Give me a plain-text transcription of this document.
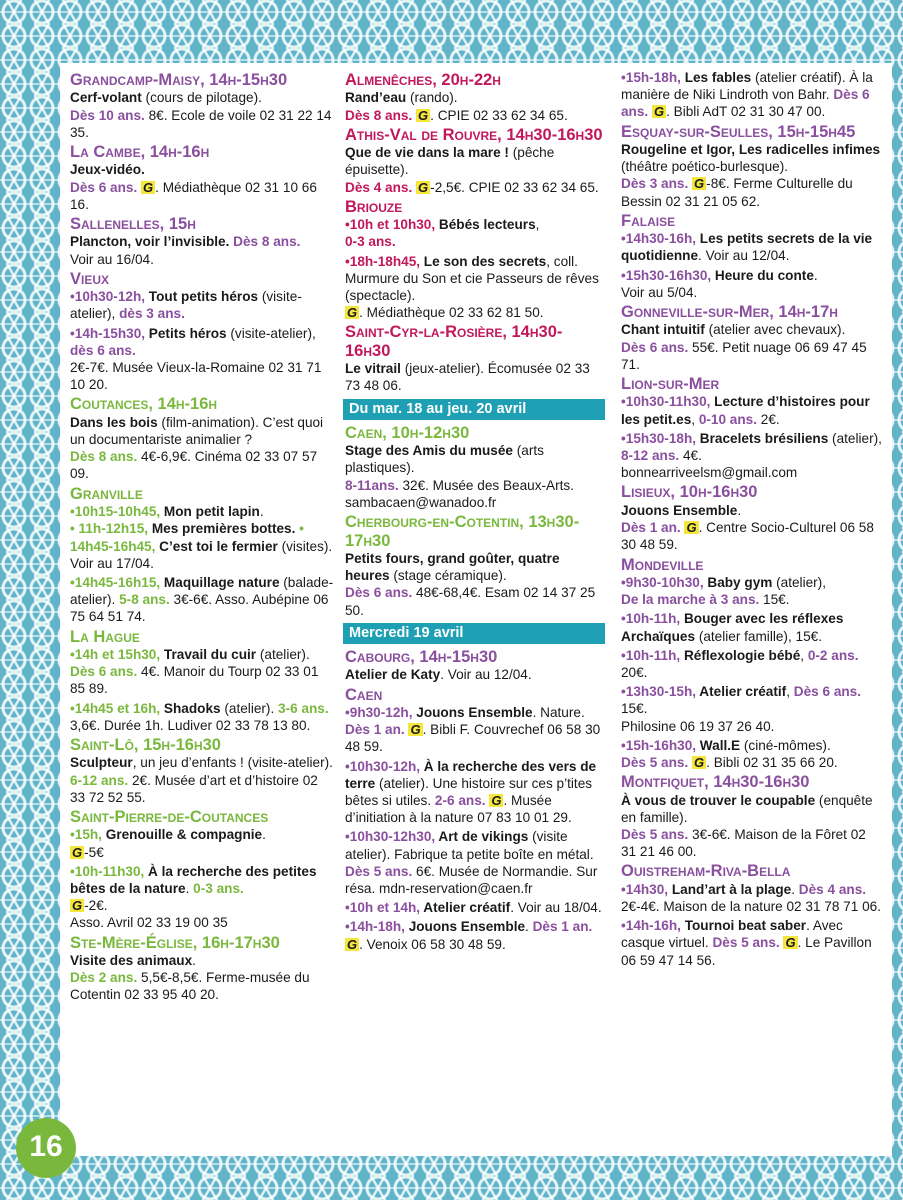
Grandcamp-Maisy, 14h-15h30
Cerf-volant (cours de pilotage).
Dès 10 ans. 8€. Ecole de voile 02 31 22 14 35.
La Cambe, 14h-16h
Jeux-vidéo.
Dès 6 ans. G . Médiathèque 02 31 10 66 16.
Sallenelles, 15h
Plancton, voir l’invisible. Dès 8 ans.
Voir au 16/04.
Vieux
•10h30-12h, Tout petits héros (visite-atelier), dès 3 ans.
•14h-15h30, Petits héros (visite-atelier), dès 6 ans.
2€-7€. Musée Vieux-la-Romaine 02 31 71 10 20.
Coutances, 14h-16h
Dans les bois (film-animation). C’est quoi un documentariste animalier ?
Dès 8 ans. 4€-6,9€. Cinéma 02 33 07 57 09.
Granville
•10h15-10h45, Mon petit lapin.
• 11h-12h15, Mes premières bottes. • 14h45-16h45, C’est toi le fermier (visites). Voir au 17/04.
•14h45-16h15, Maquillage nature (balade-atelier). 5-8 ans. 3€-6€. Asso. Aubépine 06 75 64 51 74.
La Hague
•14h et 15h30, Travail du cuir (atelier). Dès 6 ans. 4€. Manoir du Tourp 02 33 01 85 89.
•14h45 et 16h, Shadoks (atelier). 3-6 ans. 3,6€. Durée 1h. Ludiver 02 33 78 13 80.
Saint-Lô, 15h-16h30
Sculpteur, un jeu d’enfants ! (visite-atelier).
6-12 ans. 2€. Musée d’art et d’histoire 02 33 72 52 55.
Saint-Pierre-de-Coutances
•15h, Grenouille & compagnie.
G -5€
•10h-11h30, À la recherche des petites bêtes de la nature. 0-3 ans.
G -2€.
Asso. Avril 02 33 19 00 35
Ste-Mère-Église, 16h-17h30
Visite des animaux.
Dès 2 ans. 5,5€-8,5€. Ferme-musée du Cotentin 02 33 95 40 20.
Almenêches, 20h-22h
Rand’eau (rando).
Dès 8 ans. G . CPIE 02 33 62 34 65.
Athis-Val de Rouvre, 14h30-16h30
Que de vie dans la mare ! (pêche épuisette).
Dès 4 ans. G -2,5€. CPIE 02 33 62 34 65.
Briouze
•10h et 10h30, Bébés lecteurs,
0-3 ans.
•18h-18h45, Le son des secrets, coll. Murmure du Son et cie Passeurs de rêves (spectacle).
G . Médiathèque 02 33 62 81 50.
Saint-Cyr-la-Rosière, 14h30-16h30
Le vitrail (jeux-atelier). Écomusée 02 33 73 48 06.
Du mar. 18 au jeu. 20 avril
Caen, 10h-12h30
Stage des Amis du musée (arts plastiques).
8-11ans. 32€. Musée des Beaux-Arts. sambacaen@wanadoo.fr
Cherbourg-en-Cotentin, 13h30-17h30
Petits fours, grand goûter, quatre heures (stage céramique).
Dès 6 ans. 48€-68,4€. Esam 02 14 37 25 50.
Mercredi 19 avril
Cabourg, 14h-15h30
Atelier de Katy. Voir au 12/04.
Caen
•9h30-12h, Jouons Ensemble. Nature. Dès 1 an. G . Bibli F. Couvrechef 06 58 30 48 59.
•10h30-12h, À la recherche des vers de terre (atelier). Une histoire sur ces p’tites bêtes si utiles. 2-6 ans. G . Musée d’initiation à la nature 07 83 10 01 29.
•10h30-12h30, Art de vikings (visite atelier). Fabrique ta petite boîte en métal. Dès 5 ans. 6€. Musée de Normandie. Sur résa. mdn-reservation@caen.fr
•10h et 14h, Atelier créatif. Voir au 18/04.
•14h-18h, Jouons Ensemble. Dès 1 an. G . Venoix 06 58 30 48 59.
•15h-18h, Les fables (atelier créatif). À la manière de Niki Lindroth von Bahr. Dès 6 ans. G . Bibli AdT 02 31 30 47 00.
Esquay-sur-Seulles, 15h-15h45
Rougeline et Igor, Les radicelles infimes (théâtre poético-burlesque).
Dès 3 ans. G -8€. Ferme Culturelle du Bessin 02 31 21 05 62.
Falaise
•14h30-16h, Les petits secrets de la vie quotidienne. Voir au 12/04.
•15h30-16h30, Heure du conte.
Voir au 5/04.
Gonneville-sur-Mer, 14h-17h
Chant intuitif (atelier avec chevaux).
Dès 6 ans. 55€. Petit nuage 06 69 47 45 71.
Lion-sur-Mer
•10h30-11h30, Lecture d’histoires pour les petit.es, 0-10 ans. 2€.
•15h30-18h, Bracelets brésiliens (atelier), 8-12 ans. 4€.
bonnearriveelsm@gmail.com
Lisieux, 10h-16h30
Jouons Ensemble.
Dès 1 an. G . Centre Socio-Culturel 06 58 30 48 59.
Mondeville
•9h30-10h30, Baby gym (atelier),
De la marche à 3 ans. 15€.
•10h-11h, Bouger avec les réflexes Archaïques (atelier famille), 15€.
•10h-11h, Réflexologie bébé, 0-2 ans. 20€.
•13h30-15h, Atelier créatif, Dès 6 ans. 15€.
Philosine 06 19 37 26 40.
•15h-16h30, Wall.E (ciné-mômes).
Dès 5 ans. G . Bibli 02 31 35 66 20.
Montfiquet, 14h30-16h30
À vous de trouver le coupable (enquête en famille).
Dès 5 ans. 3€-6€. Maison de la Fôret 02 31 21 46 00.
Ouistreham-Riva-Bella
•14h30, Land’art à la plage. Dès 4 ans. 2€-4€. Maison de la nature 02 31 78 71 06.
•14h-16h, Tournoi beat saber. Avec casque virtuel. Dès 5 ans. G . Le Pavillon 06 59 47 14 56.
16
